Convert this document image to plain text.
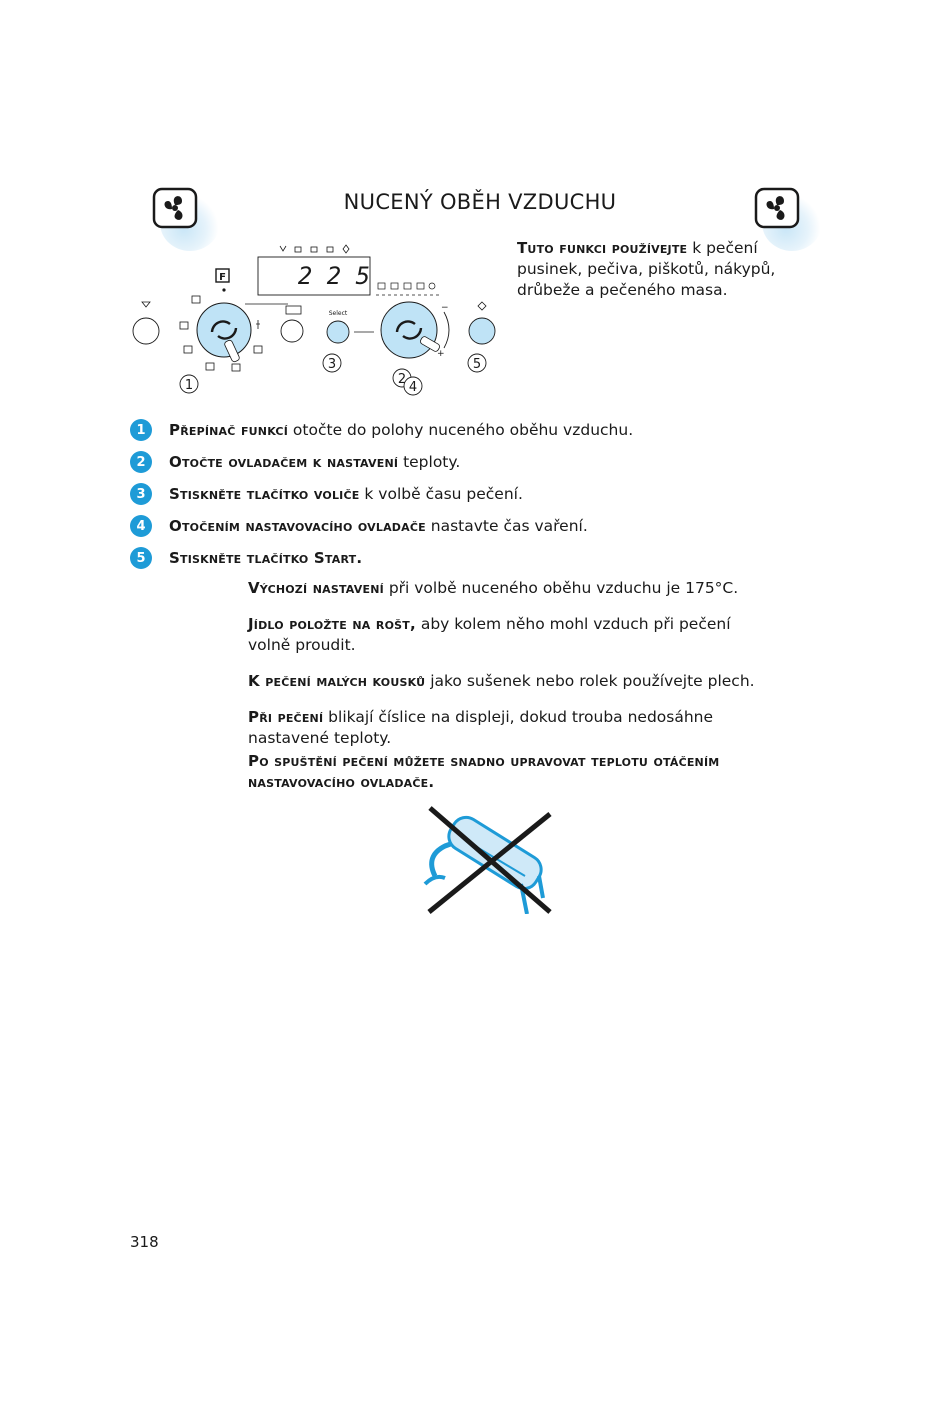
NUCENÝ OBĚH VZDUCHU
2 2 5
F
Select
−
+
1	2
4
3	5
Tuto funkci používejte k pečení pusinek, pečiva, piškotů, nákypů, drůbeže a pečeného masa.
1	Přepínač funkcí otočte do polohy nuceného oběhu vzduchu.
2	Otočte ovladačem k nastavení teploty.
3	Stiskněte tlačítko voliče k volbě času pečení.
4	Otočením nastavovacího ovladače nastavte čas vaření.
5	Stiskněte tlačítko Start.

Výchozí nastavení při volbě nuceného oběhu vzduchu je 175°C.

Jídlo položte na rošt, aby kolem něho mohl vzduch při pečení volně proudit.

K pečení malých kousků jako sušenek nebo rolek používejte plech.

Při pečení blikají číslice na displeji, dokud trouba nedosáhne nastavené teploty.

Po spuštění pečení můžete snadno upravovat teplotu otáčením nastavovacího ovladače.

318
